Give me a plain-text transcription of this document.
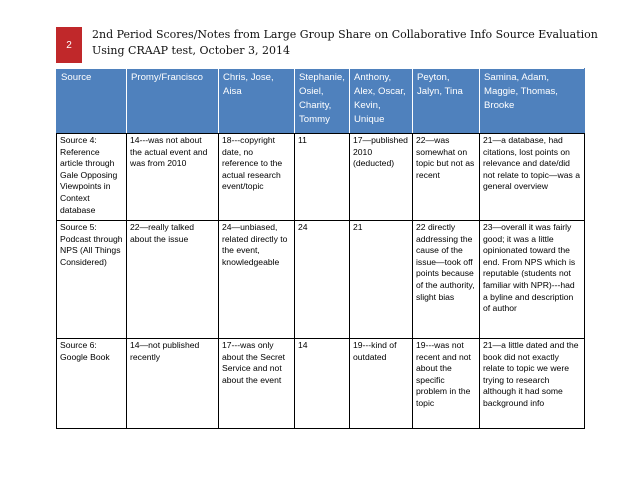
2
2nd Period Scores/Notes from Large Group Share on Collaborative Info Source Evaluation Using CRAAP test, October 3, 2014
Source	Promy/Francisco	Chris, Jose, Aisa	Stephanie, Osiel, Charity, Tommy	Anthony, Alex, Oscar, Kevin, Unique	Peyton, Jalyn, Tina	Samina, Adam, Maggie, Thomas, Brooke
Source 4: Reference article through Gale Opposing Viewpoints in Context database	14---was not about the actual event and was from 2010	18---copyright date, no reference to the actual research event/topic	11	17—published 2010 (deducted)	22—was somewhat on topic but not as recent	21—a database, had citations, lost points on relevance and date/did not relate to topic—was a general overview
Source 5: Podcast through NPS (All Things Considered)	22—really talked about the issue	24—unbiased, related directly to the event, knowledgeable	24	21	22 directly addressing the cause of the issue—took off points because of the authority, slight bias	23—overall it was fairly good; it was a little opinionated toward the end. From NPS which is reputable (students not familiar with NPR)---had a byline and description of author
Source 6: Google Book	14—not published recently	17---was only about the Secret Service and not about the event	14	19---kind of outdated	19---was not recent and not about the specific problem in the topic	21—a little dated and the book did not exactly relate to topic we were trying to research although it had some background info
